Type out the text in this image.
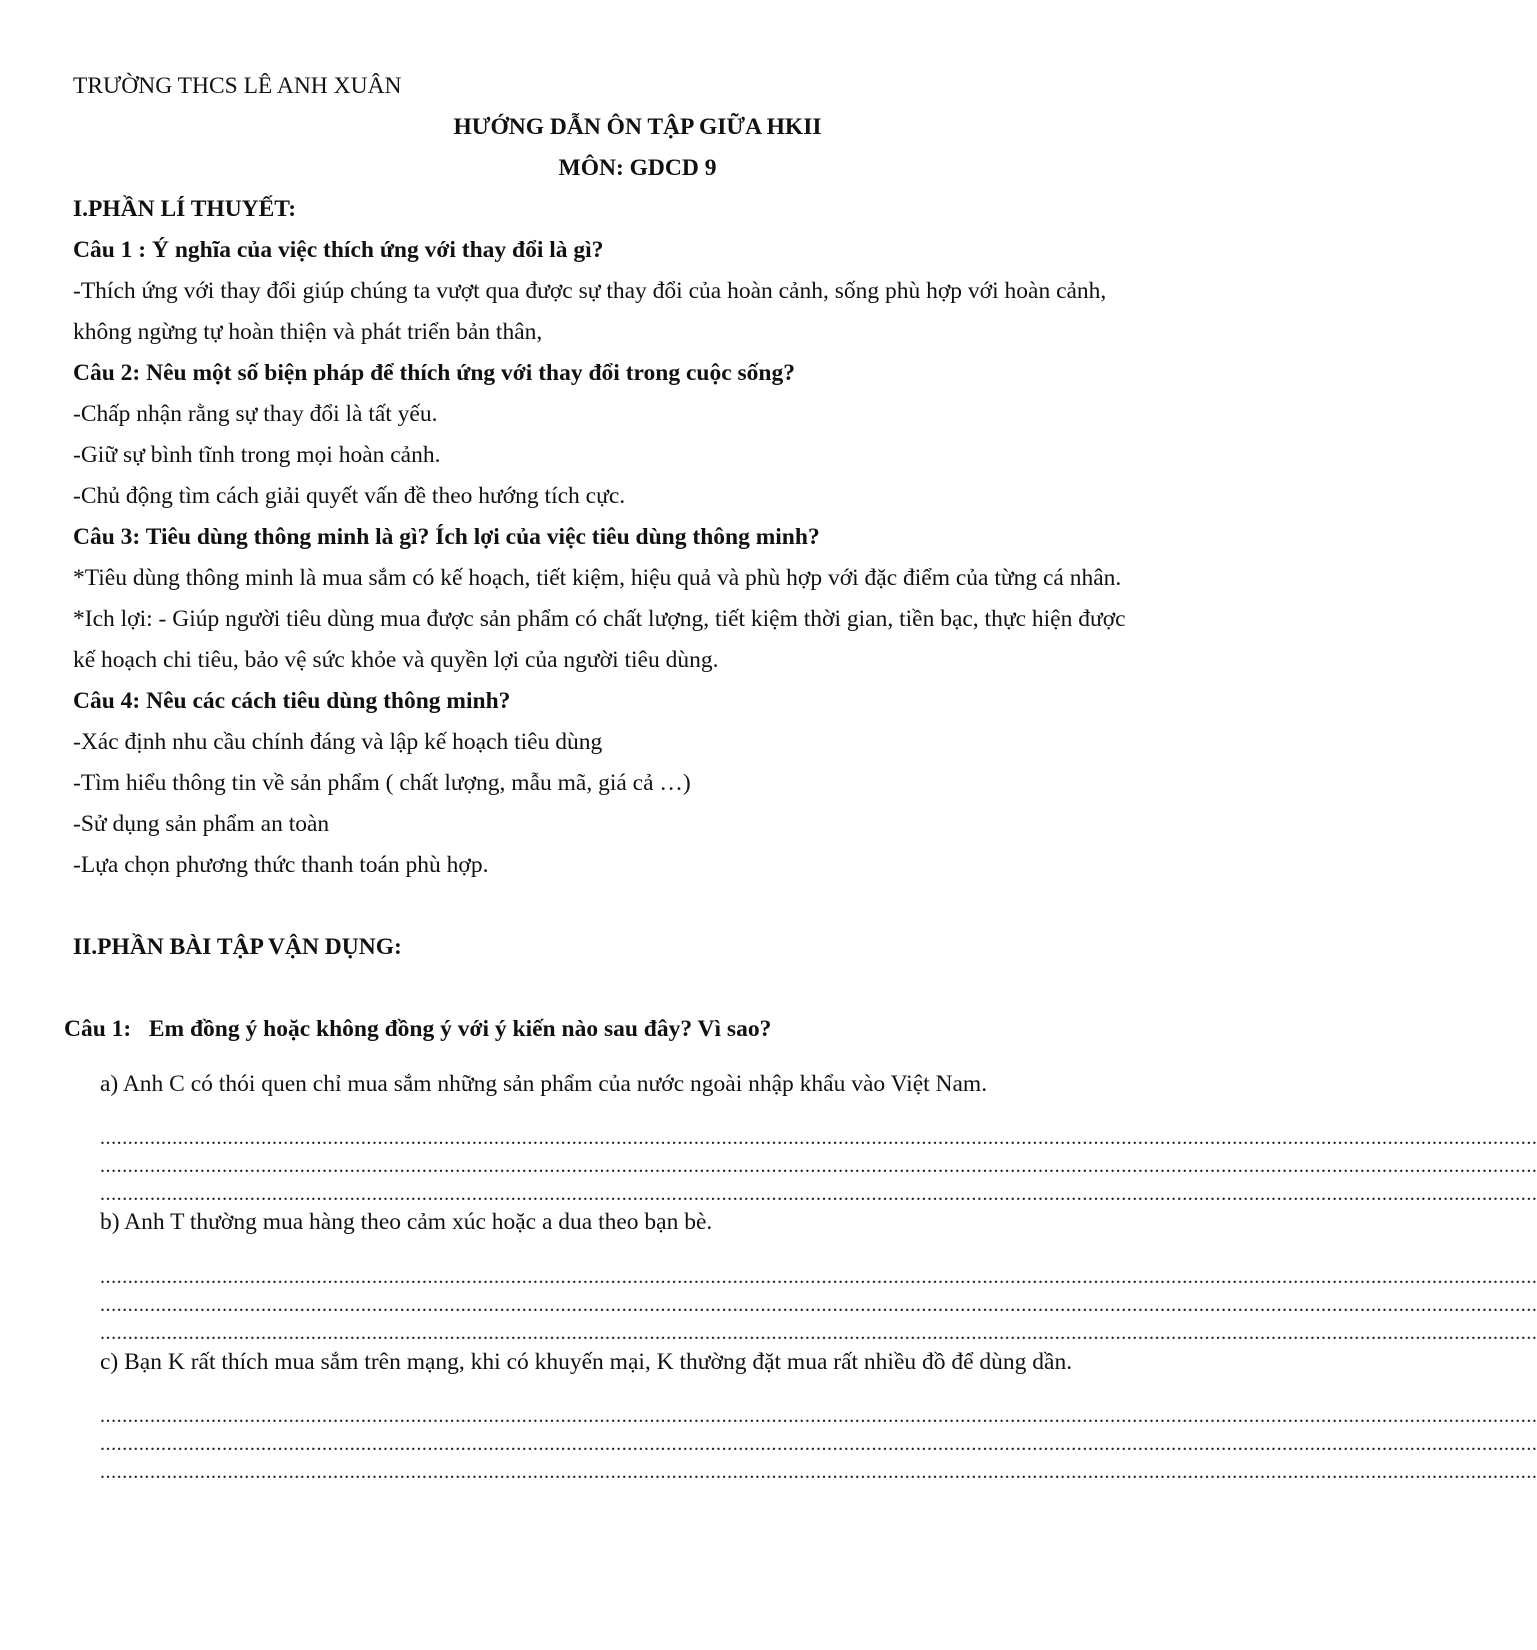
TRƯỜNG THCS LÊ ANH XUÂN
HƯỚNG DẪN ÔN TẬP GIỮA HKII
MÔN: GDCD 9
I.PHẦN LÍ THUYẾT:
Câu 1 : Ý nghĩa của việc thích ứng với thay đổi là gì?
-Thích ứng với thay đổi giúp chúng ta vượt qua được sự thay đổi của hoàn cảnh, sống phù hợp với hoàn cảnh,
không ngừng tự hoàn thiện và phát triển bản thân,
Câu 2: Nêu một số biện pháp để thích ứng với thay đổi trong cuộc sống?
-Chấp nhận rằng sự thay đổi là tất yếu.
-Giữ sự bình tĩnh trong mọi hoàn cảnh.
-Chủ động tìm cách giải quyết vấn đề theo hướng tích cực.
Câu 3: Tiêu dùng thông minh là gì? Ích lợi của việc tiêu dùng thông minh?
*Tiêu dùng thông minh là mua sắm có kế hoạch, tiết kiệm, hiệu quả và phù hợp với đặc điểm của từng cá nhân.
*Ich lợi: - Giúp người tiêu dùng mua được sản phẩm có chất lượng, tiết kiệm thời gian, tiền bạc, thực hiện được
kế hoạch chi tiêu, bảo vệ sức khỏe và quyền lợi của người tiêu dùng.
Câu 4: Nêu các cách tiêu dùng thông minh?
-Xác định nhu cầu chính đáng và lập kế hoạch tiêu dùng
-Tìm hiểu thông tin về sản phẩm ( chất lượng, mẫu mã, giá cả …)
-Sử dụng sản phẩm an toàn
-Lựa chọn phương thức thanh toán phù hợp.
II.PHẦN BÀI TẬP VẬN DỤNG:
Câu 1:   Em đồng ý hoặc không đồng ý với ý kiến nào sau đây? Vì sao?
a) Anh C có thói quen chỉ mua sắm những sản phẩm của nước ngoài nhập khẩu vào Việt Nam.
...................................................................................................................................................................................................................................................................
...................................................................................................................................................................................................................................................................
...................................................................................................................................................................................................................................................................
b) Anh T thường mua hàng theo cảm xúc hoặc a dua theo bạn bè.
...................................................................................................................................................................................................................................................................
...................................................................................................................................................................................................................................................................
...................................................................................................................................................................................................................................................................
c) Bạn K rất thích mua sắm trên mạng, khi có khuyến mại, K thường đặt mua rất nhiều đồ để dùng dần.
...................................................................................................................................................................................................................................................................
...................................................................................................................................................................................................................................................................
...................................................................................................................................................................................................................................................................
